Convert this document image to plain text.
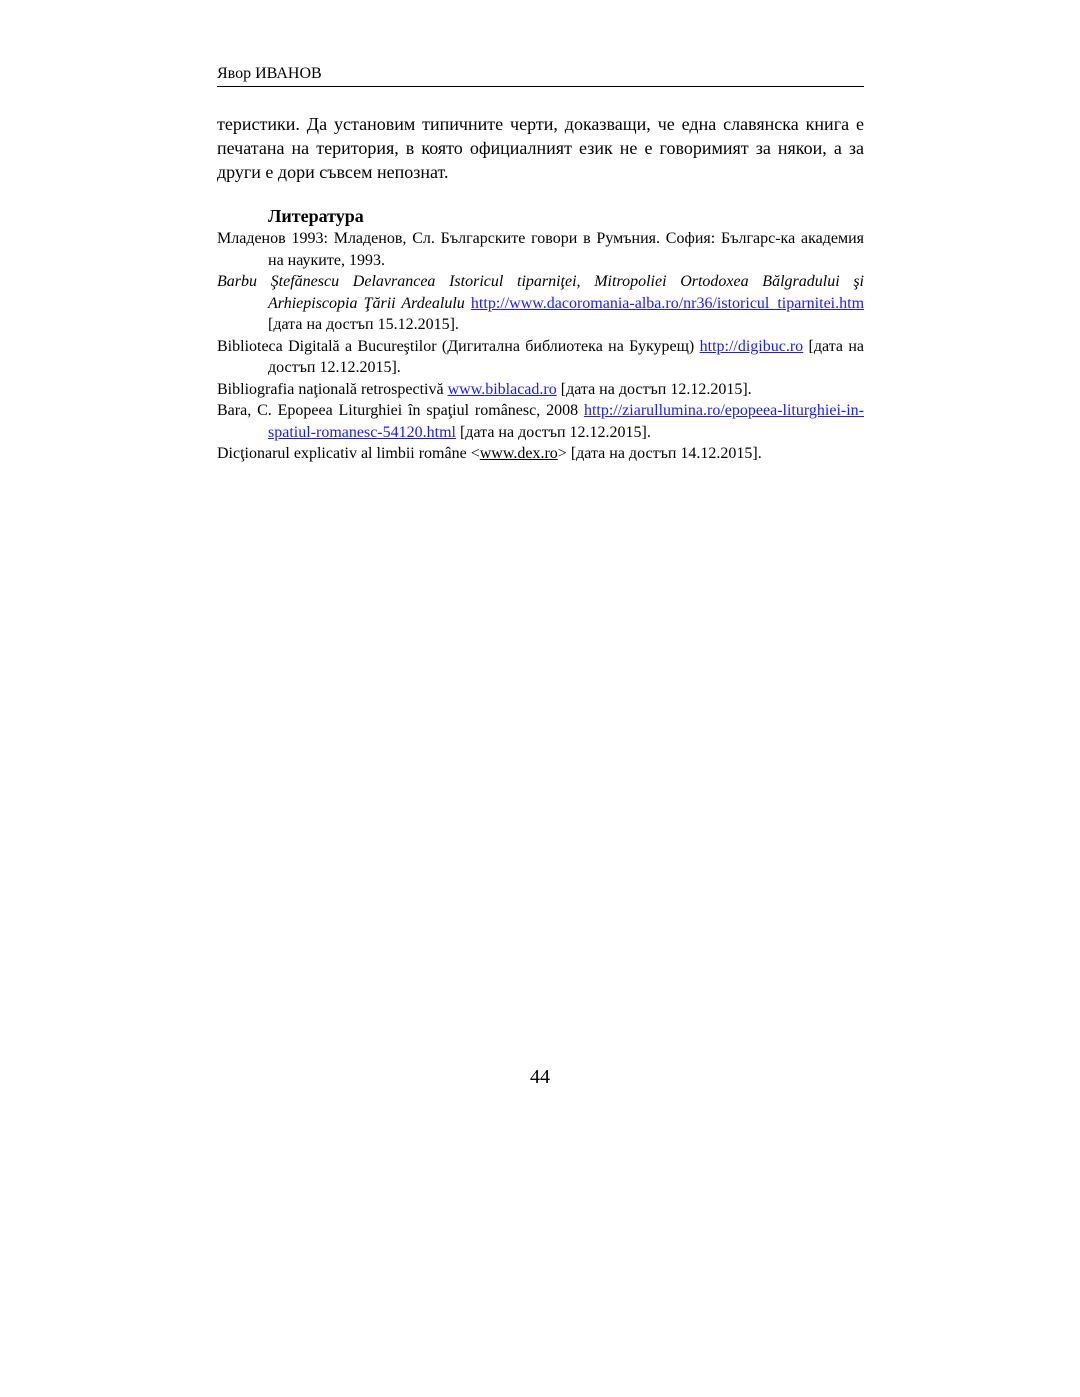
Явор ИВАНОВ

теристики. Да установим типичните черти, доказващи, че една славянска книга е печатана на територия, в която официалният език не е говоримият за някои, а за други е дори съвсем непознат.

Литература
Младенов 1993: Младенов, Сл. Българските говори в Румъния. София: Българс-ка академия на науките, 1993.
Barbu Ştefănescu Delavrancea Istoricul tiparniţei, Mitropoliei Ortodoxea Bălgradului şi Arhiepiscopia Ţării Ardealulu http://www.dacoromania-alba.ro/nr36/istoricul_tiparnitei.htm [дата на достъп 15.12.2015].
Biblioteca Digitală a Bucureştilor (Дигитална библиотека на Букурещ) http://digibuc.ro [дата на достъп 12.12.2015].
Bibliografia naţională retrospectivă www.biblacad.ro [дата на достъп 12.12.2015].
Bara, C. Epopeea Liturghiei în spaţiul românesc, 2008 http://ziarullumina.ro/epopeea-liturghiei-in-spatiul-romanesc-54120.html [дата на достъп 12.12.2015].
Dicţionarul explicativ al limbii române <www.dex.ro> [дата на достъп 14.12.2015].
44
